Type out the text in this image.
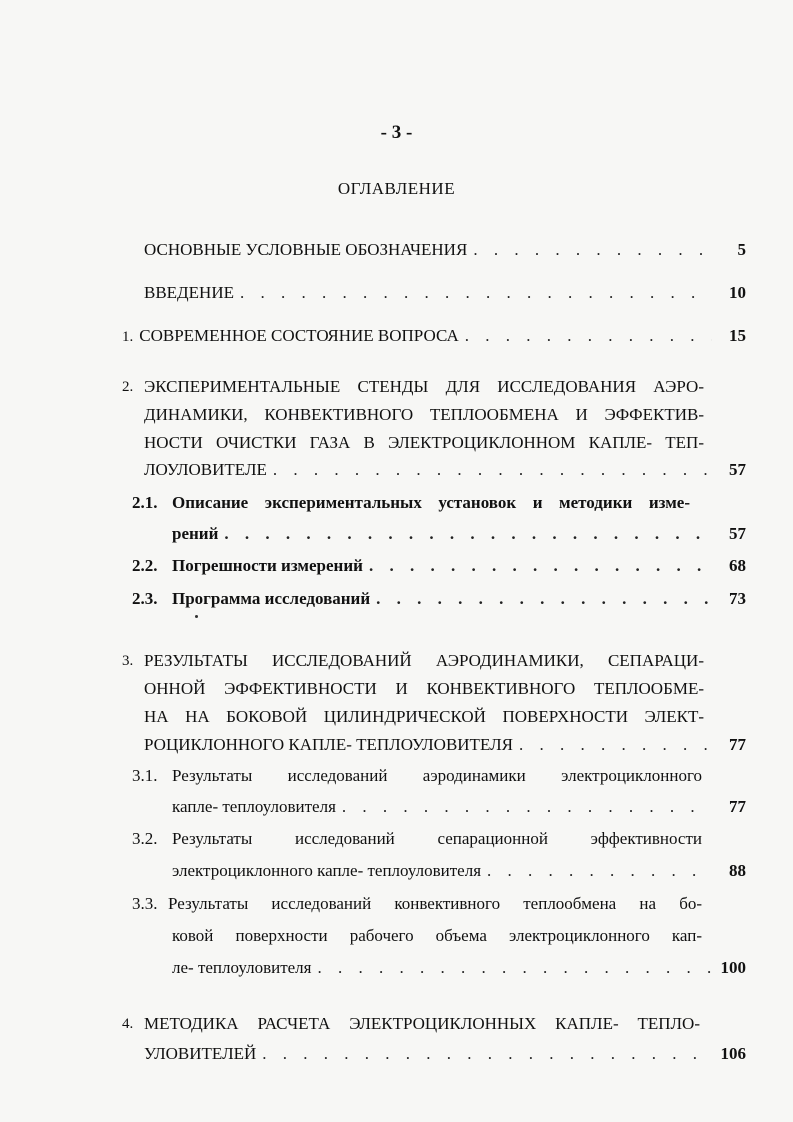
- 3 -
ОГЛАВЛЕНИЕ
ОСНОВНЫЕ УСЛОВНЫЕ ОБОЗНАЧЕНИЯ . . .	5
ВВЕДЕНИЕ . . .	10
1. СОВРЕМЕННОЕ СОСТОЯНИЕ ВОПРОСА . . .	15
2. ЭКСПЕРИМЕНТАЛЬНЫЕ СТЕНДЫ ДЛЯ ИССЛЕДОВАНИЯ АЭРО-
ДИНАМИКИ, КОНВЕКТИВНОГО ТЕПЛООБМЕНА И ЭФФЕКТИВ-
НОСТИ ОЧИСТКИ ГАЗА В ЭЛЕКТРОЦИКЛОННОМ КАПЛЕ- ТЕП-
ЛОУЛОВИТЕЛЕ . . .	57
2.1. Описание экспериментальных установок и методики изме-
рений . . .	57
2.2. Погрешности измерений . . .	68
2.3. Программа исследований . . .	73
3. РЕЗУЛЬТАТЫ ИССЛЕДОВАНИЙ АЭРОДИНАМИКИ, СЕПАРАЦИ-
ОННОЙ ЭФФЕКТИВНОСТИ И КОНВЕКТИВНОГО ТЕПЛООБМЕ-
НА НА БОКОВОЙ ЦИЛИНДРИЧЕСКОЙ ПОВЕРХНОСТИ ЭЛЕКТ-
РОЦИКЛОННОГО КАПЛЕ- ТЕПЛОУЛОВИТЕЛЯ . . .	77
3.1. Результаты исследований аэродинамики электроциклонного
капле- теплоуловителя . . .	77
3.2. Результаты исследований сепарационной эффективности
электроциклонного капле- теплоуловителя . . .	88
3.3. Результаты исследований конвективного теплообмена на бо-
ковой поверхности рабочего объема электроциклонного кап-
ле- теплоуловителя . . .	100
4. МЕТОДИКА РАСЧЕТА ЭЛЕКТРОЦИКЛОННЫХ КАПЛЕ- ТЕПЛО-
УЛОВИТЕЛЕЙ . . .	106
